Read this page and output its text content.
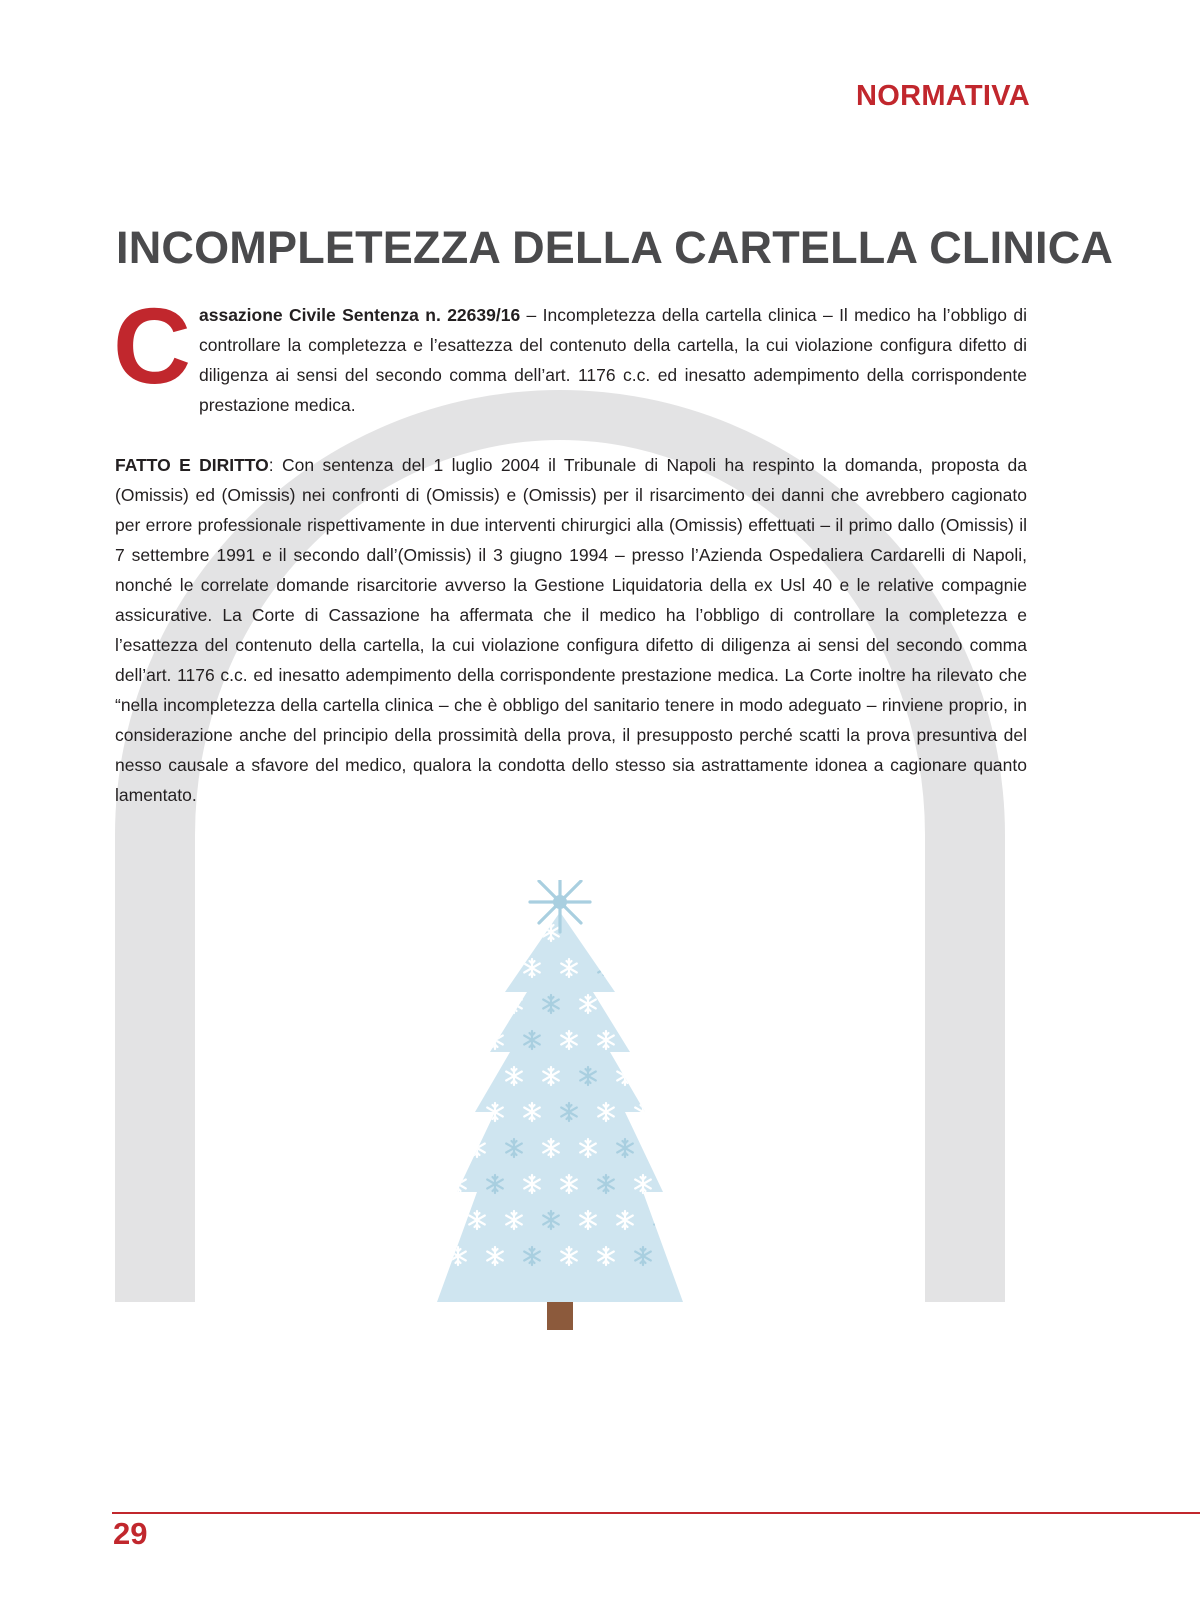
NORMATIVA
INCOMPLETEZZA DELLA CARTELLA CLINICA

Cassazione Civile Sentenza n. 22639/16 – Incompletezza della cartella clinica – Il medico ha l’obbligo di controllare la completezza e l’esattezza del contenuto della cartella, la cui violazione configura difetto di diligenza ai sensi del secondo comma dell’art. 1176 c.c. ed inesatto adempimento della corrispondente prestazione medica.

FATTO E DIRITTO: Con sentenza del 1 luglio 2004 il Tribunale di Napoli ha respinto la domanda, proposta da (Omissis) ed (Omissis) nei confronti di (Omissis) e (Omissis) per il risarcimento dei danni che avrebbero cagionato per errore professionale rispettivamente in due interventi chirurgici alla (Omissis) effettuati – il primo dallo (Omissis) il 7 settembre 1991 e il secondo dall’(Omissis) il 3 giugno 1994 – presso l’Azienda Ospedaliera Cardarelli di Napoli, nonché le correlate domande risarcitorie avverso la Gestione Liquidatoria della ex Usl 40 e le relative compagnie assicurative. La Corte di Cassazione ha affermata che il medico ha l’obbligo di controllare la completezza e l’esattezza del contenuto della cartella, la cui violazione configura difetto di diligenza ai sensi del secondo comma dell’art. 1176 c.c. ed inesatto adempimento della corrispondente prestazione medica. La Corte inoltre ha rilevato che “nella incompletezza della cartella clinica – che è obbligo del sanitario tenere in modo adeguato – rinviene proprio, in considerazione anche del principio della prossimità della prova, il presupposto perché scatti la prova presuntiva del nesso causale a sfavore del medico, qualora la condotta dello stesso sia astrattamente idonea a cagionare quanto lamentato.

29
